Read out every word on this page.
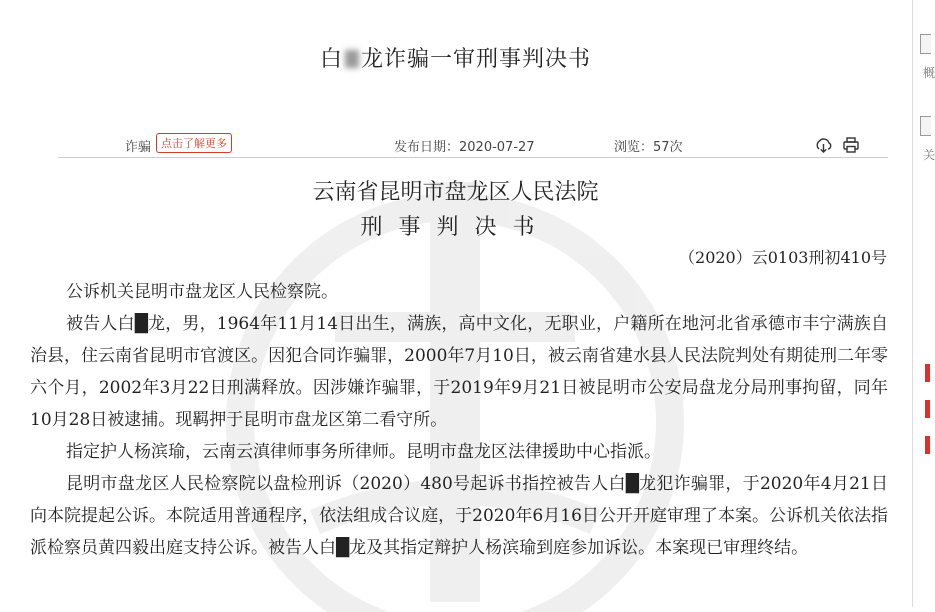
白 龙诈骗一审刑事判决书
诈骗 点击了解更多	发布日期：2020-07-27	浏览：57次
云南省昆明市盘龙区人民法院
刑事判决书
（2020）云0103刑初410号

公诉机关昆明市盘龙区人民检察院。

被告人白█龙，男，1964年11月14日出生，满族，高中文化，无职业，户籍所在地河北省承德市丰宁满族自治县，住云南省昆明市官渡区。因犯合同诈骗罪，2000年7月10日，被云南省建水县人民法院判处有期徒刑二年零六个月，2002年3月22日刑满释放。因涉嫌诈骗罪，于2019年9月21日被昆明市公安局盘龙分局刑事拘留，同年10月28日被逮捕。现羁押于昆明市盘龙区第二看守所。

指定护人杨滨瑜，云南云滇律师事务所律师。昆明市盘龙区法律援助中心指派。

昆明市盘龙区人民检察院以盘检刑诉（2020）480号起诉书指控被告人白█龙犯诈骗罪，于2020年4月21日向本院提起公诉。本院适用普通程序，依法组成合议庭，于2020年6月16日公开开庭审理了本案。公诉机关依法指派检察员黄四毅出庭支持公诉。被告人白█龙及其指定辩护人杨滨瑜到庭参加诉讼。本案现已审理终结。

概
关
